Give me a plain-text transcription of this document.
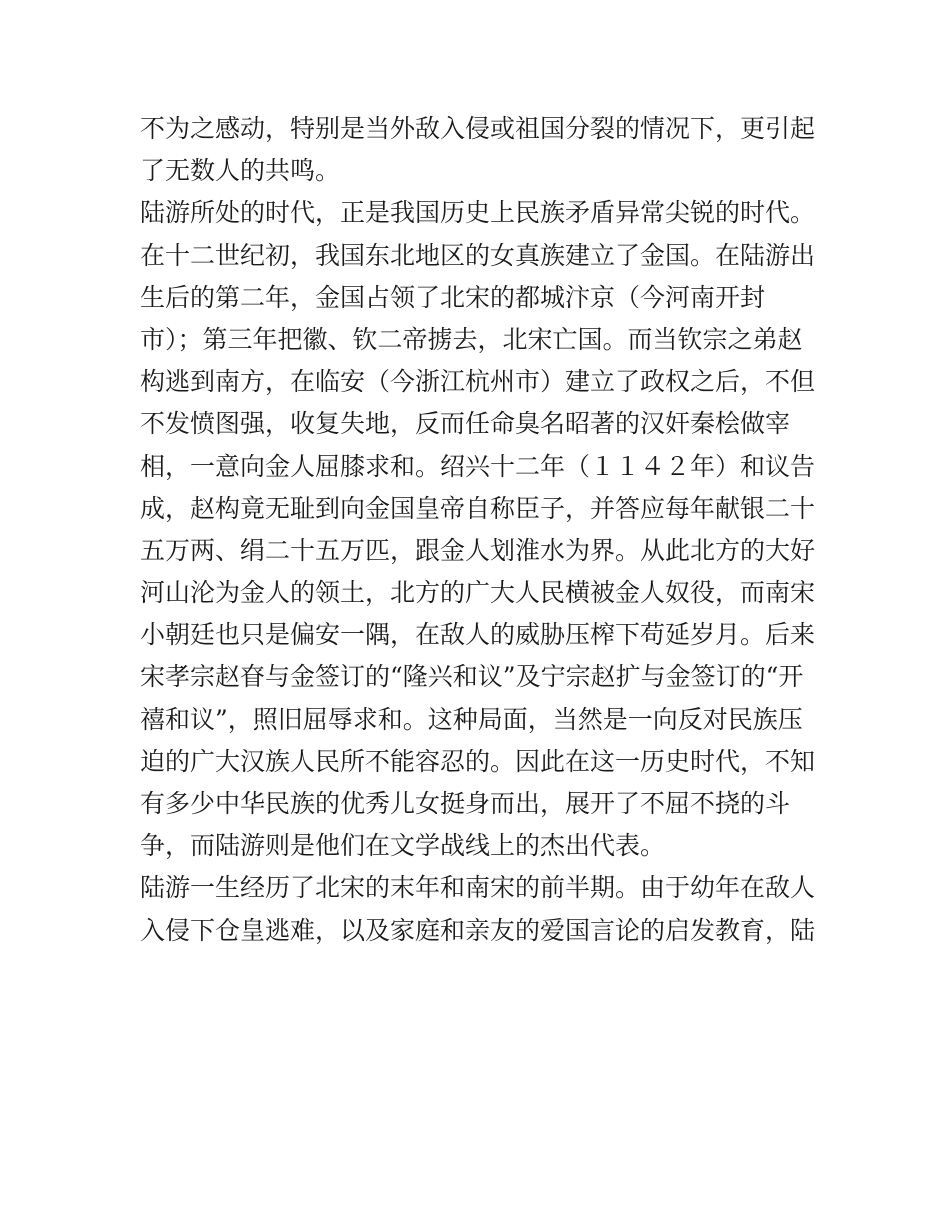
不为之感动，特别是当外敌入侵或祖国分裂的情况下，更引起
了无数人的共鸣。
陆游所处的时代，正是我国历史上民族矛盾异常尖锐的时代。
在十二世纪初，我国东北地区的女真族建立了金国。在陆游出
生后的第二年，金国占领了北宋的都城汴京（今河南开封
市）；第三年把徽、钦二帝掳去，北宋亡国。而当钦宗之弟赵
构逃到南方，在临安（今浙江杭州市）建立了政权之后，不但
不发愤图强，收复失地，反而任命臭名昭著的汉奸秦桧做宰
相，一意向金人屈膝求和。绍兴十二年（１１４２年）和议告
成，赵构竟无耻到向金国皇帝自称臣子，并答应每年献银二十
五万两、绢二十五万匹，跟金人划淮水为界。从此北方的大好
河山沦为金人的领土，北方的广大人民横被金人奴役，而南宋
小朝廷也只是偏安一隅，在敌人的威胁压榨下苟延岁月。后来
宋孝宗赵眘与金签订的“隆兴和议”及宁宗赵扩与金签订的“开
禧和议”，照旧屈辱求和。这种局面，当然是一向反对民族压
迫的广大汉族人民所不能容忍的。因此在这一历史时代，不知
有多少中华民族的优秀儿女挺身而出，展开了不屈不挠的斗
争，而陆游则是他们在文学战线上的杰出代表。
陆游一生经历了北宋的末年和南宋的前半期。由于幼年在敌人
入侵下仓皇逃难，以及家庭和亲友的爱国言论的启发教育，陆
